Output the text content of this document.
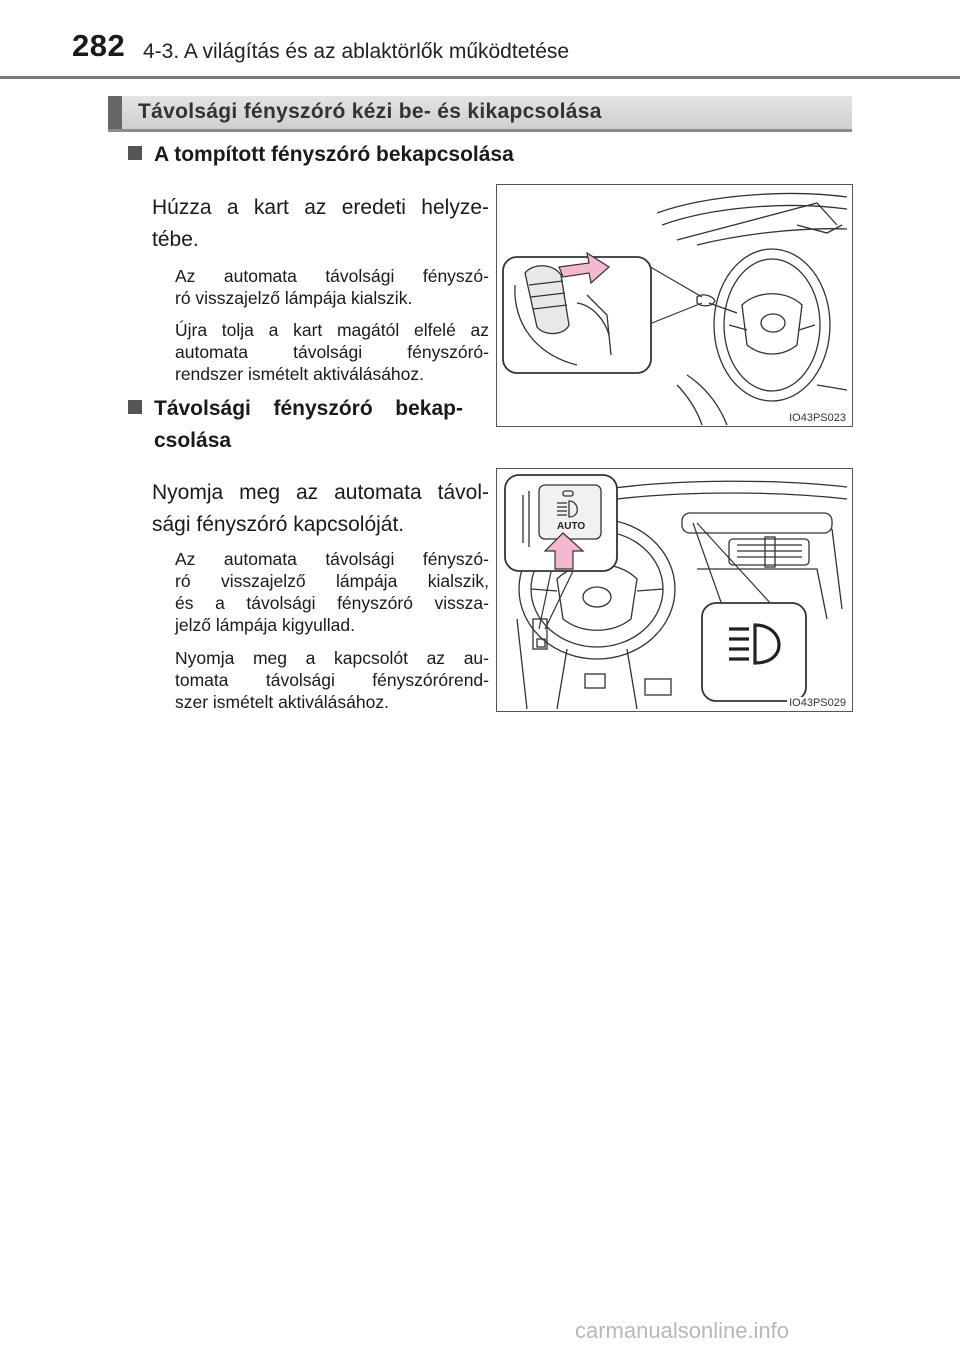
282 4-3. A világítás és az ablaktörlők működtetése
Távolsági fényszóró kézi be- és kikapcsolása
A tompított fényszóró bekapcsolása
Húzza a kart az eredeti helyze-
tébe.
Az automata távolsági fényszó-
ró visszajelző lámpája kialszik.
Újra tolja a kart magától elfelé az
automata távolsági fényszóró-
rendszer ismételt aktiválásához.
IO43PS023
Távolsági fényszóró bekap-
csolása
Nyomja meg az automata távol-
sági fényszóró kapcsolóját.
Az automata távolsági fényszó-
ró visszajelző lámpája kialszik,
és a távolsági fényszóró vissza-
jelző lámpája kigyullad.
Nyomja meg a kapcsolót az au-
tomata távolsági fényszórórend-
szer ismételt aktiválásához.
AUTO
IO43PS029
carmanualsonline.info
